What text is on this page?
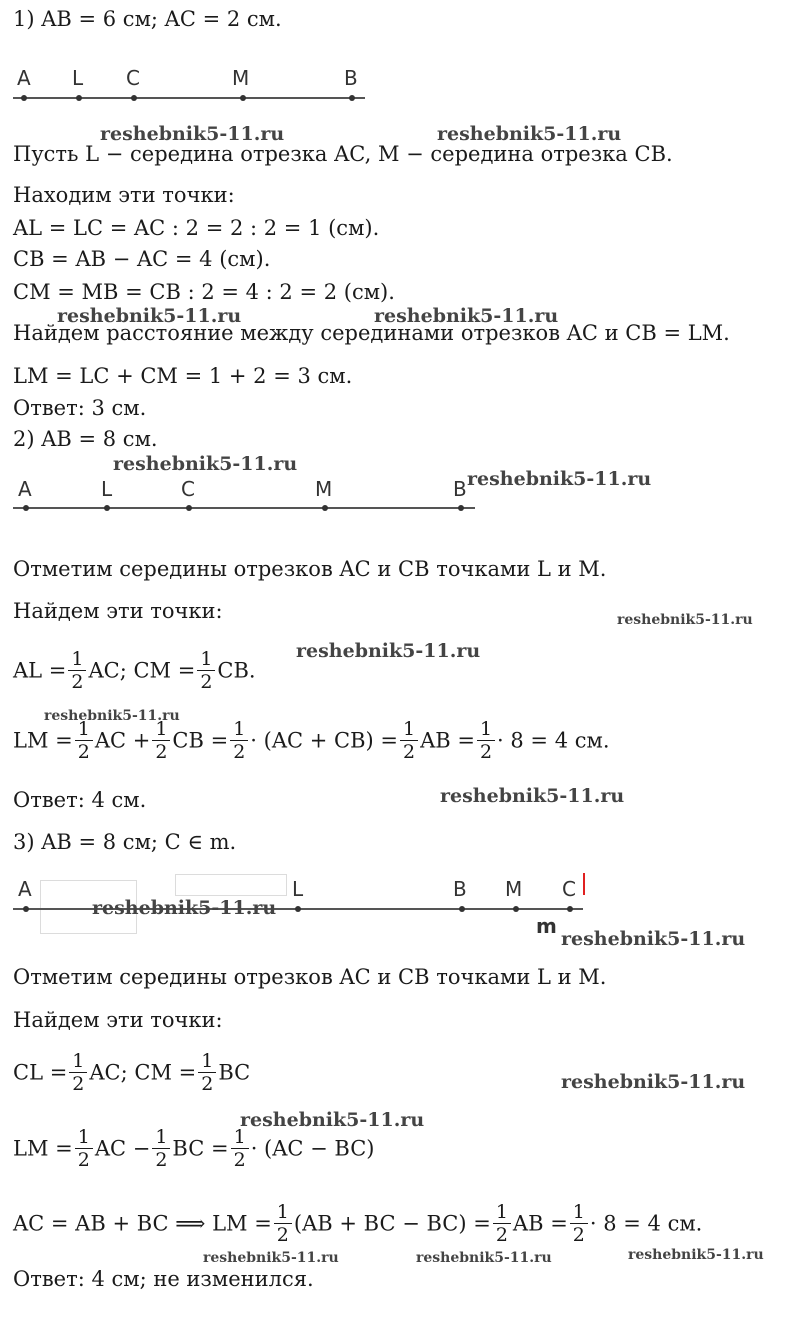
1) AB = 6 см; AC = 2 см.
A L C	M	B
Пусть L − середина отрезка AC, M − середина отрезка CB.
Находим эти точки:
AL = LC = AC : 2 = 2 : 2 = 1 (см).
CB = AB − AC = 4 (см).
CM = MB = CB : 2 = 4 : 2 = 2 (см).
Найдем расстояние между серединами отрезков AC и CB = LM.
LM = LC + CM = 1 + 2 = 3 см.
Ответ: 3 см.
2) AB = 8 см.
A	L	C	M	B
Отметим середины отрезков AC и CB точками L и M.
Найдем эти точки:
AL = $\frac{1}{2}$ AC; CM = $\frac{1}{2}$ CB.
LM = $\frac{1}{2}$ AC + $\frac{1}{2}$ CB = $\frac{1}{2} \cdot (AC + CB) = \frac{1}{2}$ AB = $\frac{1}{2} \cdot 8 = 4$ см.
Ответ: 4 см.
3) AB = 8 см; C ∈ m.
A	L	B M C
m
Отметим середины отрезков AC и CB точками L и M.
Найдем эти точки:
CL = $\frac{1}{2}$ AC; CM = $\frac{1}{2}$ BC
LM = $\frac{1}{2}$ AC − $\frac{1}{2}$ BC = $\frac{1}{2} \cdot (AC - BC)$
AC = AB + BC ⟹ LM = $\frac{1}{2} (AB$ + BC − $BC) = \frac{1}{2}$ AB = $\frac{1}{2} \cdot 8 = 4$ см.
Ответ: 4 см; не изменился.
reshebnik5-11.ru	reshebnik5-11.ru
reshebnik5-11.ru	reshebnik5-11.ru
reshebnik5-11.ru
reshebnik5-11.ru
reshebnik5-11.ru
reshebnik5-11.ru
reshebnik5-11.ru
reshebnik5-11.ru
reshebnik5-11.ru
reshebnik5-11.ru
reshebnik5-11.ru
reshebnik5-11.ru
reshebnik5-11.ru	reshebnik5-11.ru	reshebnik5-11.ru
